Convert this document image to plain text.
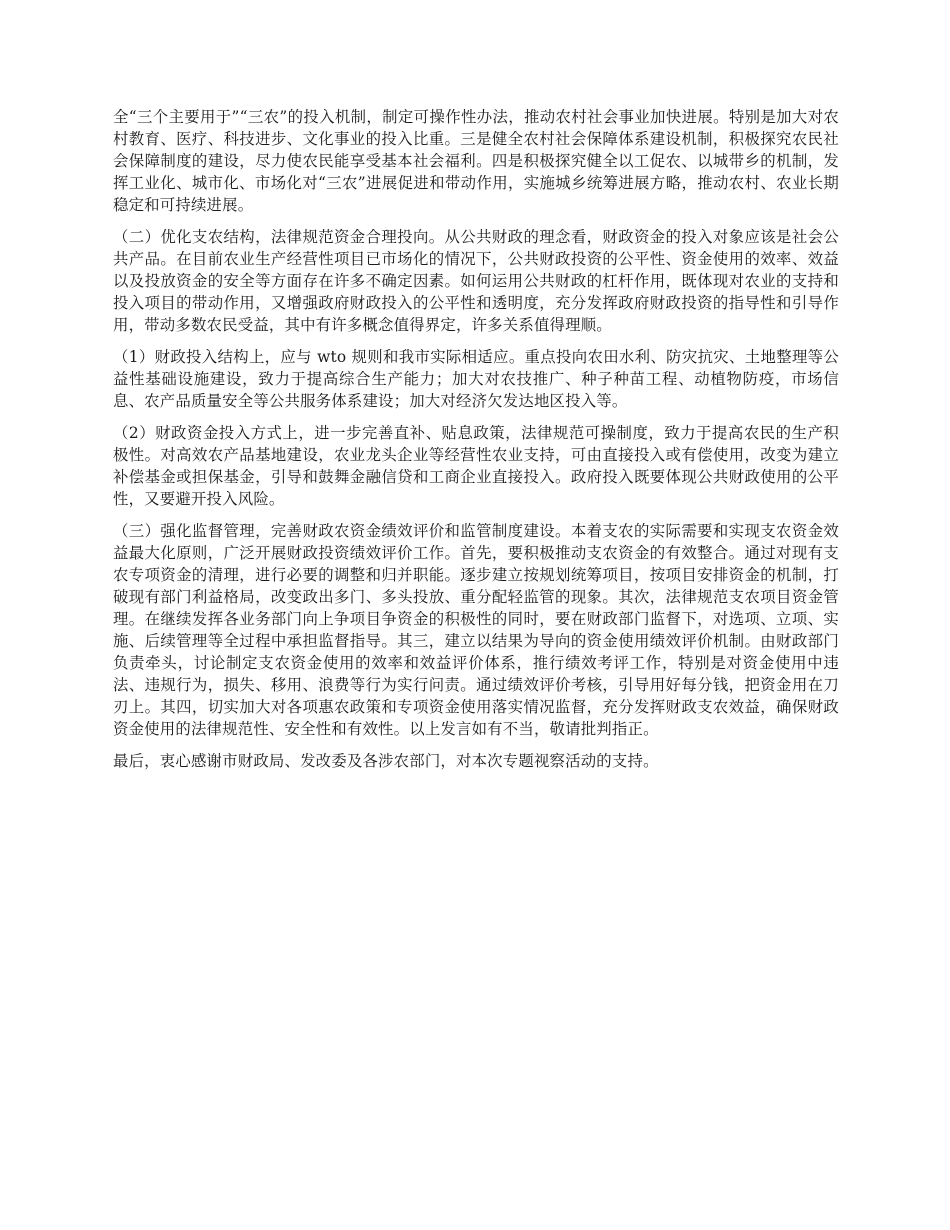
全“三个主要用于”“三农”的投入机制，制定可操作性办法，推动农村社会事业加快进展。特别是加大对农村教育、医疗、科技进步、文化事业的投入比重。三是健全农村社会保障体系建设机制，积极探究农民社会保障制度的建设，尽力使农民能享受基本社会福利。四是积极探究健全以工促农、以城带乡的机制，发挥工业化、城市化、市场化对“三农”进展促进和带动作用，实施城乡统筹进展方略，推动农村、农业长期稳定和可持续进展。

（二）优化支农结构，法律规范资金合理投向。从公共财政的理念看，财政资金的投入对象应该是社会公共产品。在目前农业生产经营性项目已市场化的情况下，公共财政投资的公平性、资金使用的效率、效益以及投放资金的安全等方面存在许多不确定因素。如何运用公共财政的杠杆作用，既体现对农业的支持和投入项目的带动作用，又增强政府财政投入的公平性和透明度，充分发挥政府财政投资的指导性和引导作用，带动多数农民受益，其中有许多概念值得界定，许多关系值得理顺。

（1）财政投入结构上，应与 wto 规则和我市实际相适应。重点投向农田水利、防灾抗灾、土地整理等公益性基础设施建设，致力于提高综合生产能力；加大对农技推广、种子种苗工程、动植物防疫，市场信息、农产品质量安全等公共服务体系建设；加大对经济欠发达地区投入等。

（2）财政资金投入方式上，进一步完善直补、贴息政策，法律规范可操制度，致力于提高农民的生产积极性。对高效农产品基地建设，农业龙头企业等经营性农业支持，可由直接投入或有偿使用，改变为建立补偿基金或担保基金，引导和鼓舞金融信贷和工商企业直接投入。政府投入既要体现公共财政使用的公平性，又要避开投入风险。

（三）强化监督管理，完善财政农资金绩效评价和监管制度建设。本着支农的实际需要和实现支农资金效益最大化原则，广泛开展财政投资绩效评价工作。首先，要积极推动支农资金的有效整合。通过对现有支农专项资金的清理，进行必要的调整和归并职能。逐步建立按规划统筹项目，按项目安排资金的机制，打破现有部门利益格局，改变政出多门、多头投放、重分配轻监管的现象。其次，法律规范支农项目资金管理。在继续发挥各业务部门向上争项目争资金的积极性的同时，要在财政部门监督下，对选项、立项、实施、后续管理等全过程中承担监督指导。其三，建立以结果为导向的资金使用绩效评价机制。由财政部门负责牵头，讨论制定支农资金使用的效率和效益评价体系，推行绩效考评工作，特别是对资金使用中违法、违规行为，损失、移用、浪费等行为实行问责。通过绩效评价考核，引导用好每分钱，把资金用在刀刃上。其四，切实加大对各项惠农政策和专项资金使用落实情况监督，充分发挥财政支农效益，确保财政资金使用的法律规范性、安全性和有效性。以上发言如有不当，敬请批判指正。

最后，衷心感谢市财政局、发改委及各涉农部门，对本次专题视察活动的支持。
